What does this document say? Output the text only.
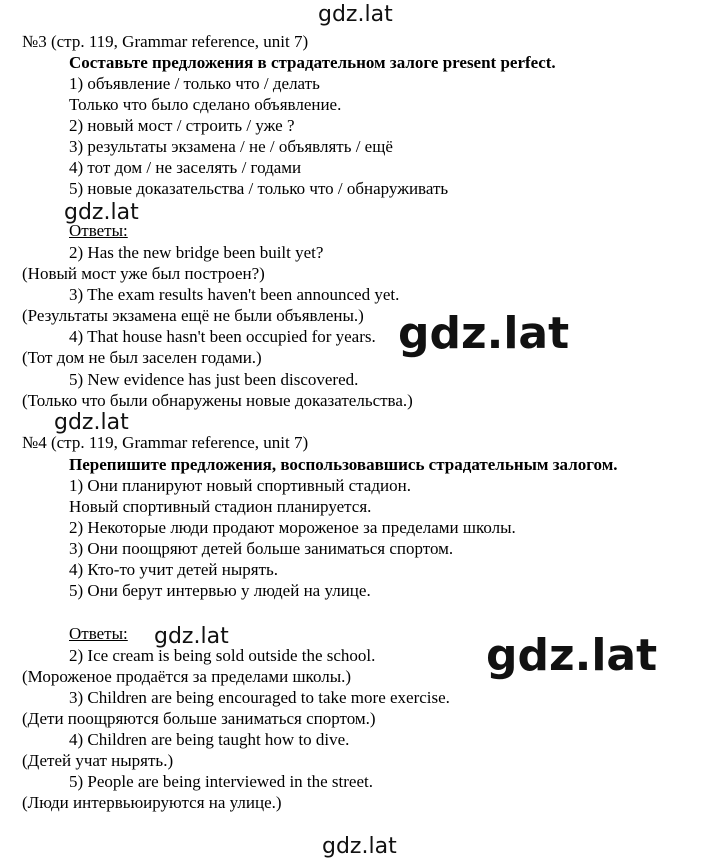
gdz.lat
gdz.lat
gdz.lat
gdz.lat
gdz.lat	gdz.lat
gdz.lat
№3 (стр. 119, Grammar reference, unit 7)
Составьте предложения в страдательном залоге present perfect.
1) объявление / только что / делать
Только что было сделано объявление.
2) новый мост / строить / уже ?
3) результаты экзамена / не / объявлять / ещё
4) тот дом / не заселять / годами
5) новые доказательства / только что / обнаруживать
Ответы:
2) Has the new bridge been built yet?
(Новый мост уже был построен?)
3) The exam results haven't been announced yet.
(Результаты экзамена ещё не были объявлены.)
4) That house hasn't been occupied for years.
(Тот дом не был заселен годами.)
5) New evidence has just been discovered.
(Только что были обнаружены новые доказательства.)
№4 (стр. 119, Grammar reference, unit 7)
Перепишите предложения, воспользовавшись страдательным залогом.
1) Они планируют новый спортивный стадион.
Новый спортивный стадион планируется.
2) Некоторые люди продают мороженое за пределами школы.
3) Они поощряют детей больше заниматься спортом.
4) Кто-то учит детей нырять.
5) Они берут интервью у людей на улице.
Ответы:
2) Ice cream is being sold outside the school.
(Мороженое продаётся за пределами школы.)
3) Children are being encouraged to take more exercise.
(Дети поощряются больше заниматься спортом.)
4) Children are being taught how to dive.
(Детей учат нырять.)
5) People are being interviewed in the street.
(Люди интервьюируются на улице.)
